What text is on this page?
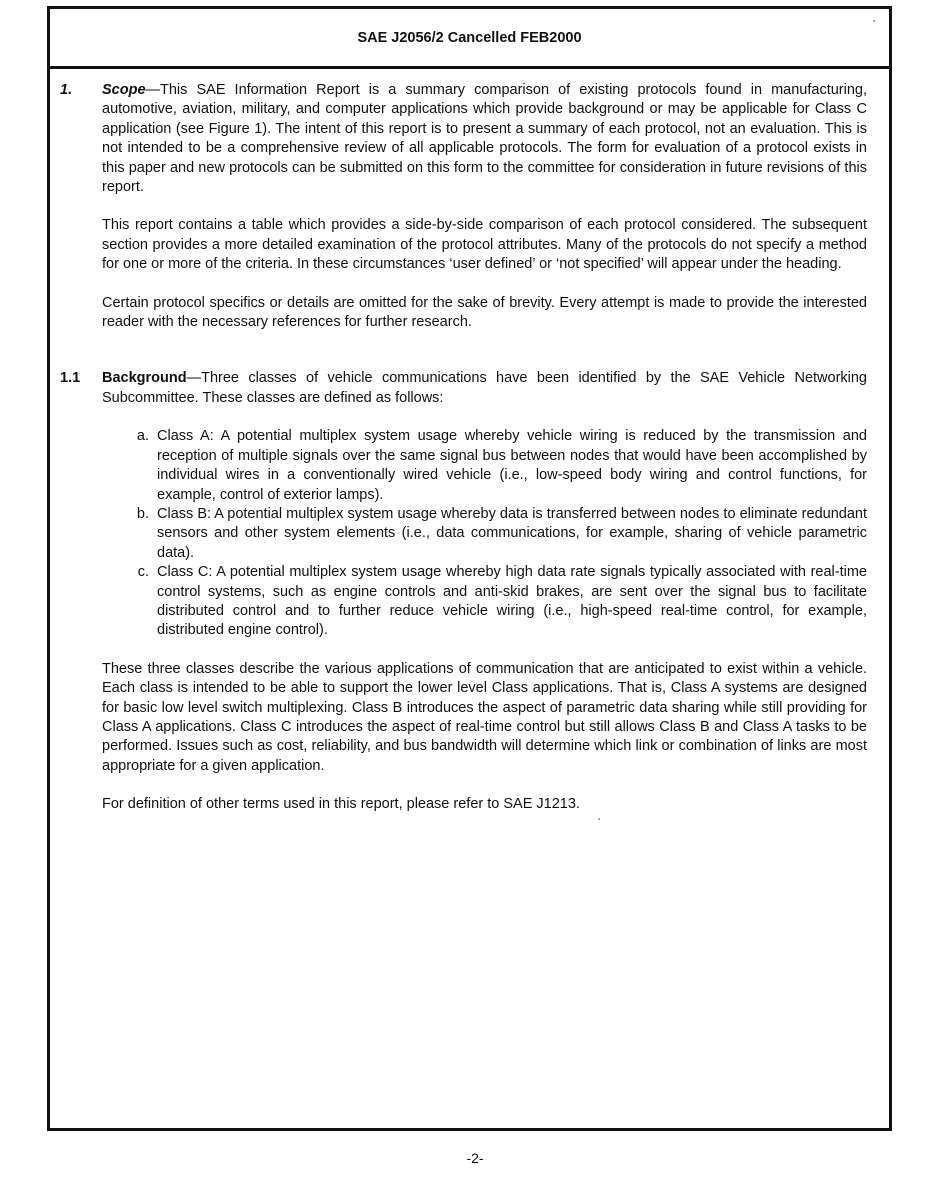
SAE J2056/2 Cancelled FEB2000
1.	Scope—This SAE Information Report is a summary comparison of existing protocols found in manufacturing, automotive, aviation, military, and computer applications which provide background or may be applicable for Class C application (see Figure 1). The intent of this report is to present a summary of each protocol, not an evaluation. This is not intended to be a comprehensive review of all applicable protocols. The form for evaluation of a protocol exists in this paper and new protocols can be submitted on this form to the committee for consideration in future revisions of this report.

This report contains a table which provides a side-by-side comparison of each protocol considered. The subsequent section provides a more detailed examination of the protocol attributes. Many of the protocols do not specify a method for one or more of the criteria. In these circumstances ‘user defined’ or ‘not specified’ will appear under the heading.

Certain protocol specifics or details are omitted for the sake of brevity. Every attempt is made to provide the interested reader with the necessary references for further research.

1.1	Background—Three classes of vehicle communications have been identified by the SAE Vehicle Networking Subcommittee. These classes are defined as follows:

a. Class A: A potential multiplex system usage whereby vehicle wiring is reduced by the transmission and reception of multiple signals over the same signal bus between nodes that would have been accomplished by individual wires in a conventionally wired vehicle (i.e., low-speed body wiring and control functions, for example, control of exterior lamps).
b. Class B: A potential multiplex system usage whereby data is transferred between nodes to eliminate redundant sensors and other system elements (i.e., data communications, for example, sharing of vehicle parametric data).
c. Class C: A potential multiplex system usage whereby high data rate signals typically associated with real-time control systems, such as engine controls and anti-skid brakes, are sent over the signal bus to facilitate distributed control and to further reduce vehicle wiring (i.e., high-speed real-time control, for example, distributed engine control).

These three classes describe the various applications of communication that are anticipated to exist within a vehicle. Each class is intended to be able to support the lower level Class applications. That is, Class A systems are designed for basic low level switch multiplexing. Class B introduces the aspect of parametric data sharing while still providing for Class A applications. Class C introduces the aspect of real-time control but still allows Class B and Class A tasks to be performed. Issues such as cost, reliability, and bus bandwidth will determine which link or combination of links are most appropriate for a given application.

For definition of other terms used in this report, please refer to SAE J1213.

-2-
